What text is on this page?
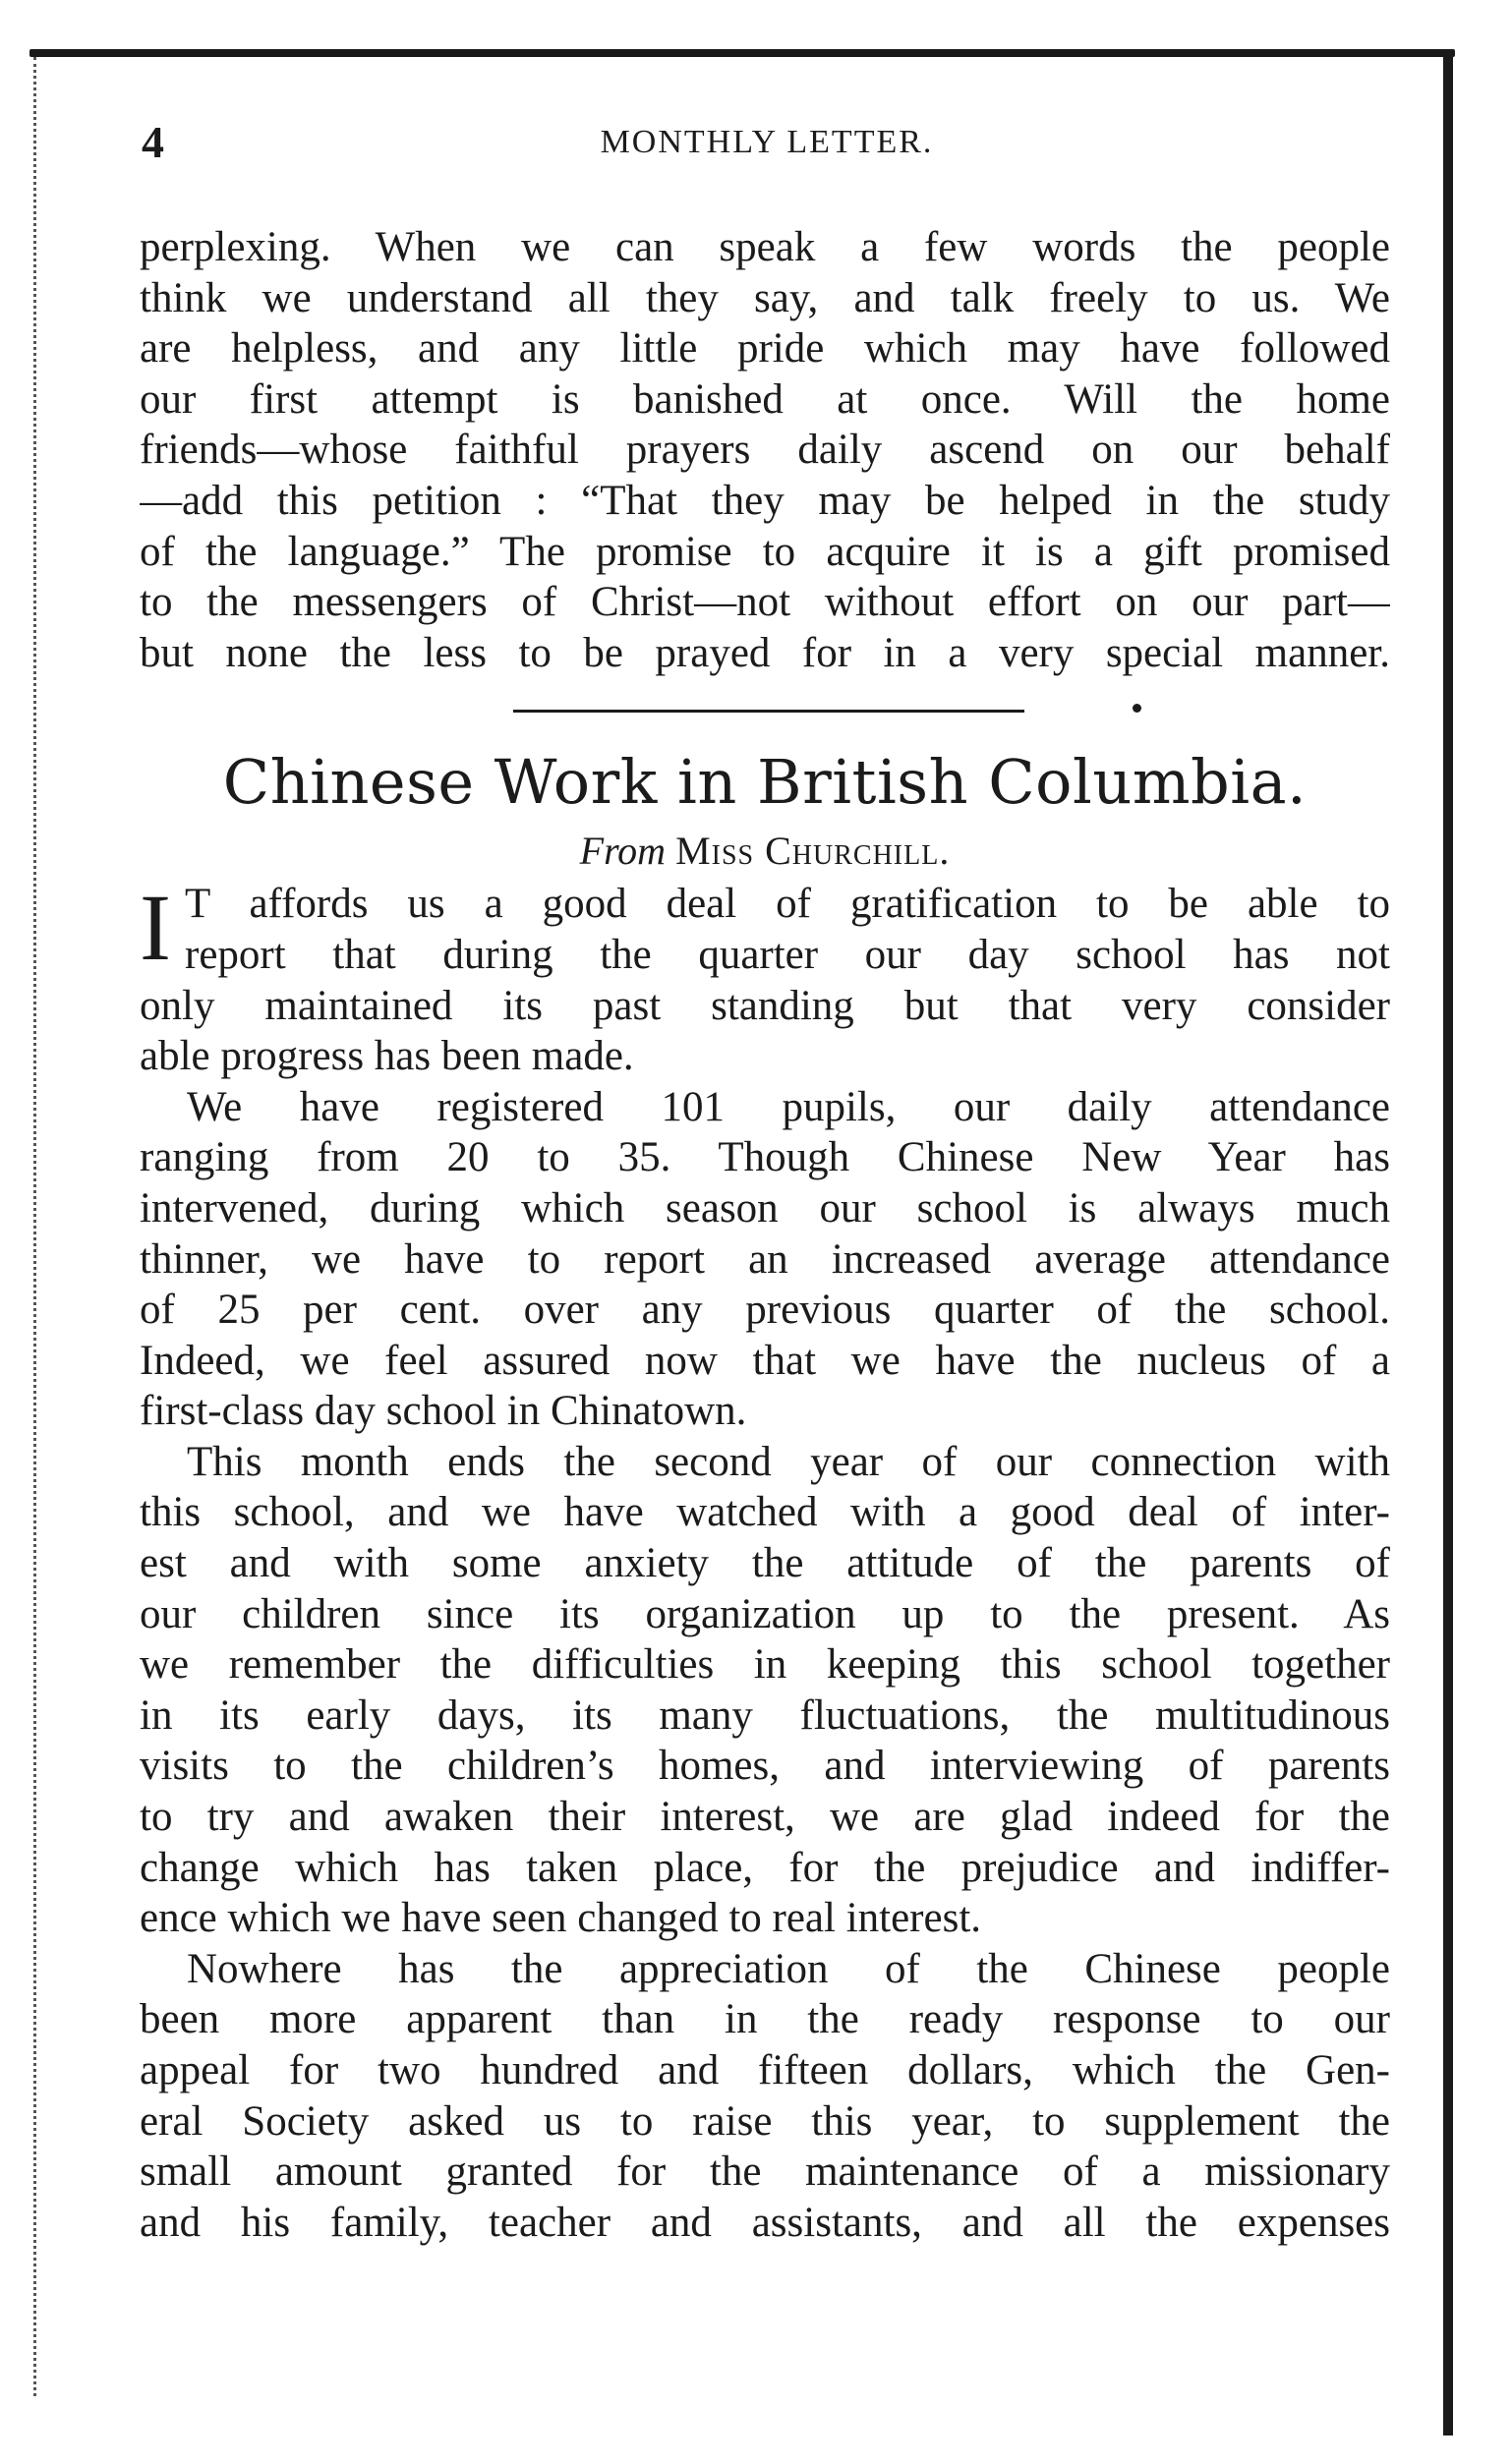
4	MONTHLY LETTER.
perplexing. When we can speak a few words the people
think we understand all they say, and talk freely to us. We
are helpless, and any little pride which may have followed
our first attempt is banished at once. Will the home
friends—whose faithful prayers daily ascend on our behalf
—add this petition : “That they may be helped in the study
of the language.” The promise to acquire it is a gift promised
to the messengers of Christ—not without effort on our part—
but none the less to be prayed for in a very special manner.
Chinese Work in British Columbia.
From Miss Churchill.
I T affords us a good deal of gratification to be able to
report that during the quarter our day school has not
only maintained its past standing but that very consider
able progress has been made.
We have registered 101 pupils, our daily attendance
ranging from 20 to 35. Though Chinese New Year has
intervened, during which season our school is always much
thinner, we have to report an increased average attendance
of 25 per cent. over any previous quarter of the school.
Indeed, we feel assured now that we have the nucleus of a
first-class day school in Chinatown.
This month ends the second year of our connection with
this school, and we have watched with a good deal of inter-
est and with some anxiety the attitude of the parents of
our children since its organization up to the present. As
we remember the difficulties in keeping this school together
in its early days, its many fluctuations, the multitudinous
visits to the children’s homes, and interviewing of parents
to try and awaken their interest, we are glad indeed for the
change which has taken place, for the prejudice and indiffer-
ence which we have seen changed to real interest.
Nowhere has the appreciation of the Chinese people
been more apparent than in the ready response to our
appeal for two hundred and fifteen dollars, which the Gen-
eral Society asked us to raise this year, to supplement the
small amount granted for the maintenance of a missionary
and his family, teacher and assistants, and all the expenses
